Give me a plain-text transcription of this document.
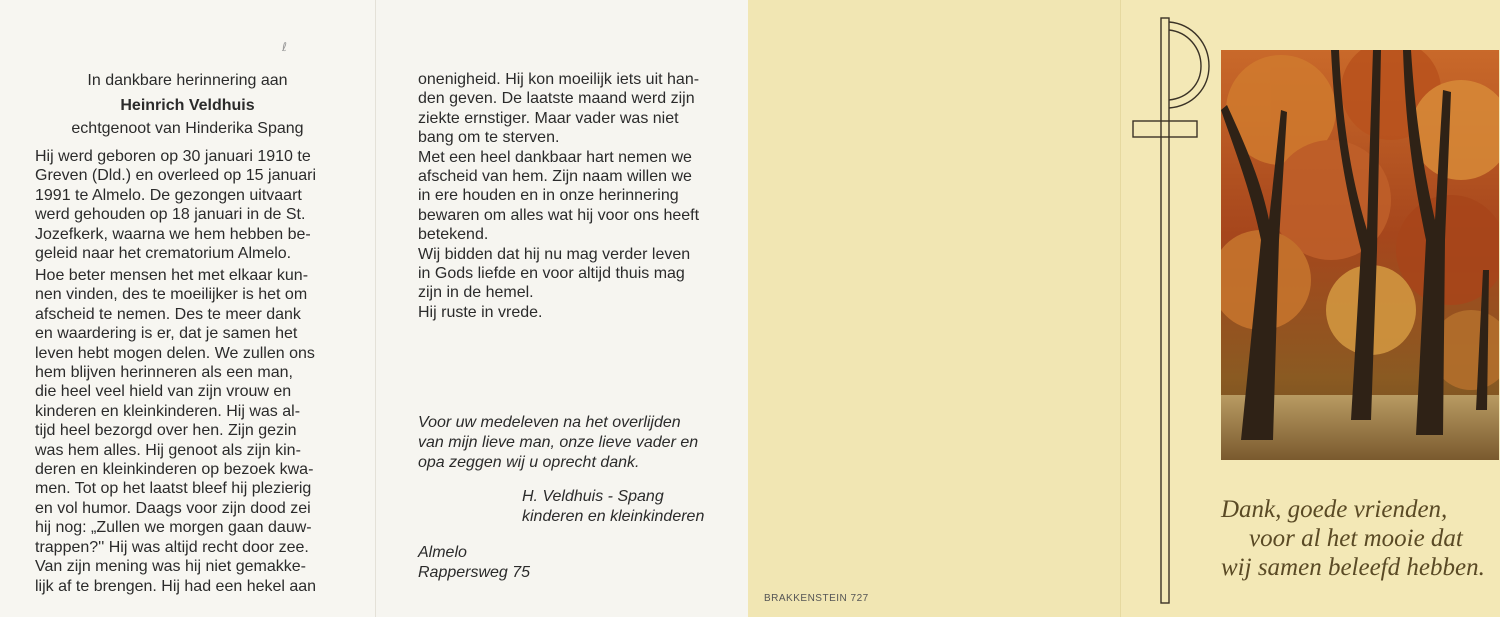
ℓ
In dankbare herinnering aan
Heinrich Veldhuis
echtgenoot van Hinderika Spang
Hij werd geboren op 30 januari 1910 te
Greven (Dld.) en overleed op 15 januari
1991 te Almelo. De gezongen uitvaart
werd gehouden op 18 januari in de St.
Jozefkerk, waarna we hem hebben be-
geleid naar het crematorium Almelo.
Hoe beter mensen het met elkaar kun-
nen vinden, des te moeilijker is het om
afscheid te nemen. Des te meer dank
en waardering is er, dat je samen het
leven hebt mogen delen. We zullen ons
hem blijven herinneren als een man,
die heel veel hield van zijn vrouw en
kinderen en kleinkinderen. Hij was al-
tijd heel bezorgd over hen. Zijn gezin
was hem alles. Hij genoot als zijn kin-
deren en kleinkinderen op bezoek kwa-
men. Tot op het laatst bleef hij plezierig
en vol humor. Daags voor zijn dood zei
hij nog: „Zullen we morgen gaan dauw-
trappen?'' Hij was altijd recht door zee.
Van zijn mening was hij niet gemakke-
lijk af te brengen. Hij had een hekel aan
onenigheid. Hij kon moeilijk iets uit han-
den geven. De laatste maand werd zijn
ziekte ernstiger. Maar vader was niet
bang om te sterven.
Met een heel dankbaar hart nemen we
afscheid van hem. Zijn naam willen we
in ere houden en in onze herinnering
bewaren om alles wat hij voor ons heeft
betekend.
Wij bidden dat hij nu mag verder leven
in Gods liefde en voor altijd thuis mag
zijn in de hemel.
Hij ruste in vrede.
Voor uw medeleven na het overlijden
van mijn lieve man, onze lieve vader en
opa zeggen wij u oprecht dank.
H. Veldhuis - Spang
kinderen en kleinkinderen
Almelo
Rappersweg 75
BRAKKENSTEIN 727
Dank, goede vrienden,
voor al het mooie dat
wij samen beleefd hebben.
